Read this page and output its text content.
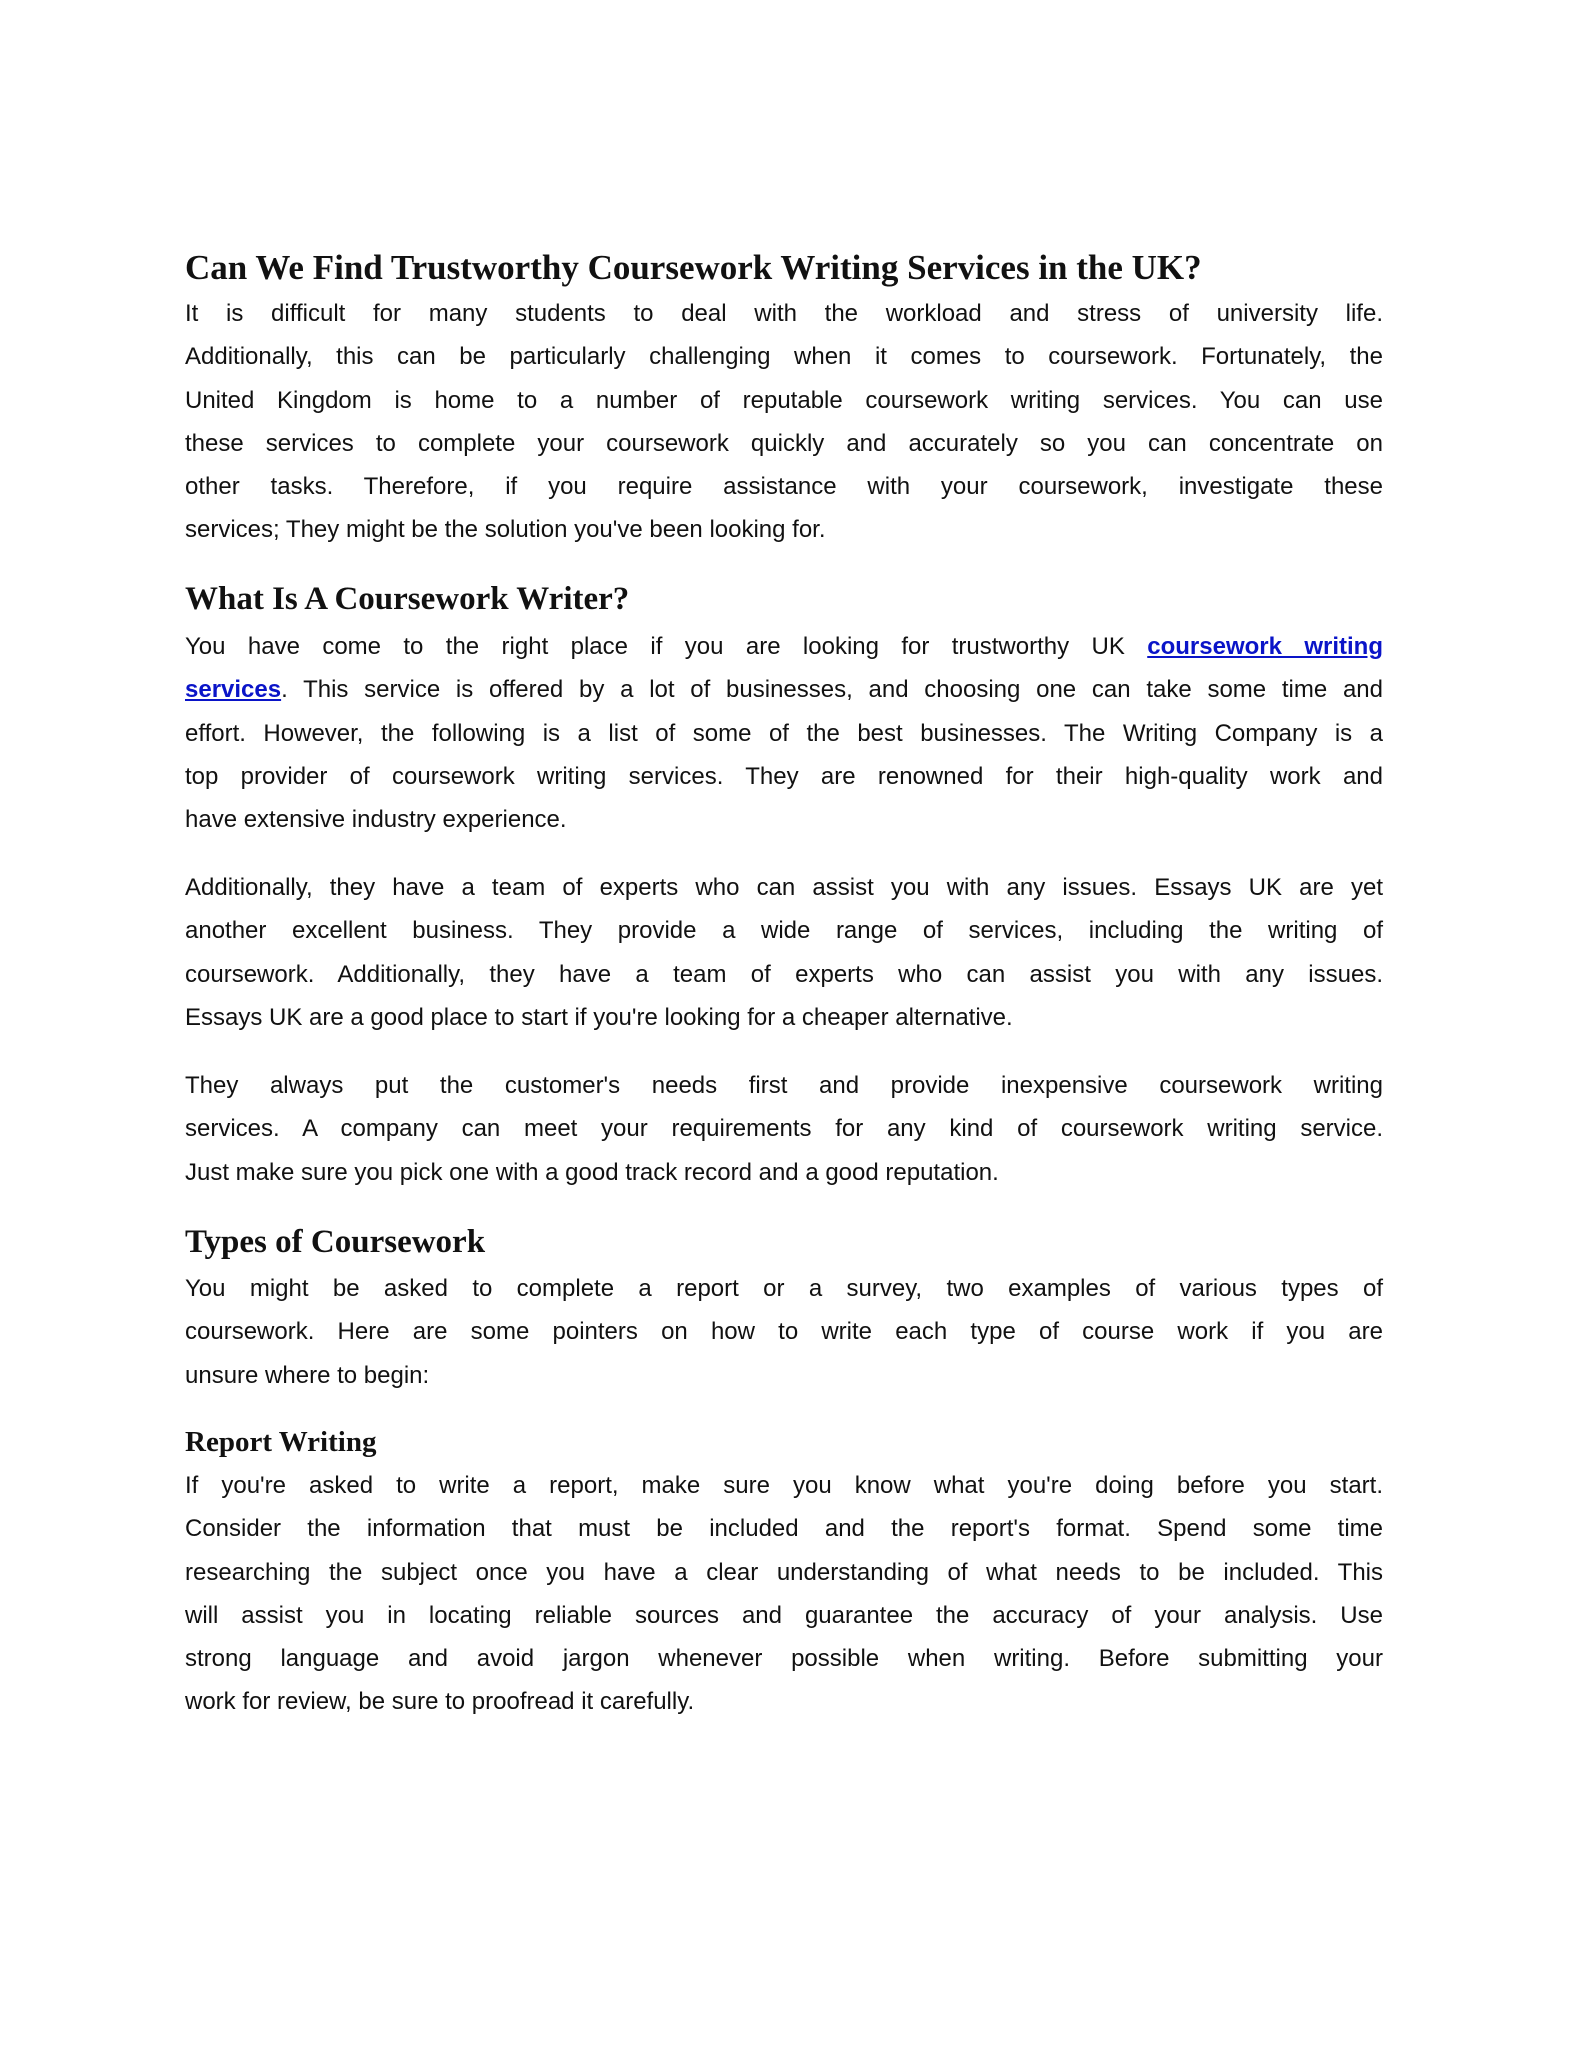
Can We Find Trustworthy Coursework Writing Services in the UK?
It is difficult for many students to deal with the workload and stress of university life.
Additionally, this can be particularly challenging when it comes to coursework. Fortunately, the
United Kingdom is home to a number of reputable coursework writing services. You can use
these services to complete your coursework quickly and accurately so you can concentrate on
other tasks. Therefore, if you require assistance with your coursework, investigate these
services; They might be the solution you've been looking for.
What Is A Coursework Writer?
You have come to the right place if you are looking for trustworthy UK coursework writing
services. This service is offered by a lot of businesses, and choosing one can take some time and
effort. However, the following is a list of some of the best businesses. The Writing Company is a
top provider of coursework writing services. They are renowned for their high-quality work and
have extensive industry experience.
Additionally, they have a team of experts who can assist you with any issues. Essays UK are yet
another excellent business. They provide a wide range of services, including the writing of
coursework. Additionally, they have a team of experts who can assist you with any issues.
Essays UK are a good place to start if you're looking for a cheaper alternative.
They always put the customer's needs first and provide inexpensive coursework writing
services. A company can meet your requirements for any kind of coursework writing service.
Just make sure you pick one with a good track record and a good reputation.
Types of Coursework
You might be asked to complete a report or a survey, two examples of various types of
coursework. Here are some pointers on how to write each type of course work if you are
unsure where to begin:
Report Writing
If you're asked to write a report, make sure you know what you're doing before you start.
Consider the information that must be included and the report's format. Spend some time
researching the subject once you have a clear understanding of what needs to be included. This
will assist you in locating reliable sources and guarantee the accuracy of your analysis. Use
strong language and avoid jargon whenever possible when writing. Before submitting your
work for review, be sure to proofread it carefully.
